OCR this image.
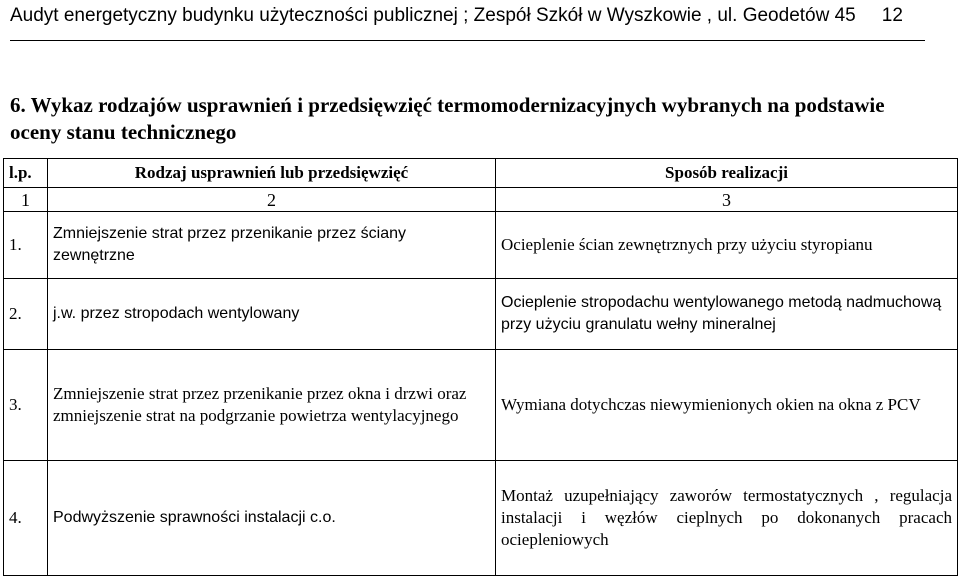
Audyt energetyczny budynku użyteczności publicznej ; Zespół Szkół w Wyszkowie , ul. Geodetów 45 12
6. Wykaz rodzajów usprawnień i przedsięwzięć termomodernizacyjnych wybranych na podstawie oceny stanu technicznego
l.p.	Rodzaj usprawnień lub przedsięwzięć	Sposób realizacji
1	2	3
1.	Zmniejszenie strat przez przenikanie przez ściany zewnętrzne	Ocieplenie ścian zewnętrznych przy użyciu styropianu
2.	j.w. przez stropodach wentylowany	Ocieplenie stropodachu wentylowanego metodą nadmuchową przy użyciu granulatu wełny mineralnej
3.	Zmniejszenie strat przez przenikanie przez okna i drzwi oraz zmniejszenie strat na podgrzanie powietrza wentylacyjnego	Wymiana dotychczas niewymienionych okien na okna z PCV
4.	Podwyższenie sprawności instalacji c.o.	Montaż uzupełniający zaworów termostatycznych , regulacja instalacji i węzłów cieplnych po dokonanych pracach ociepleniowych
